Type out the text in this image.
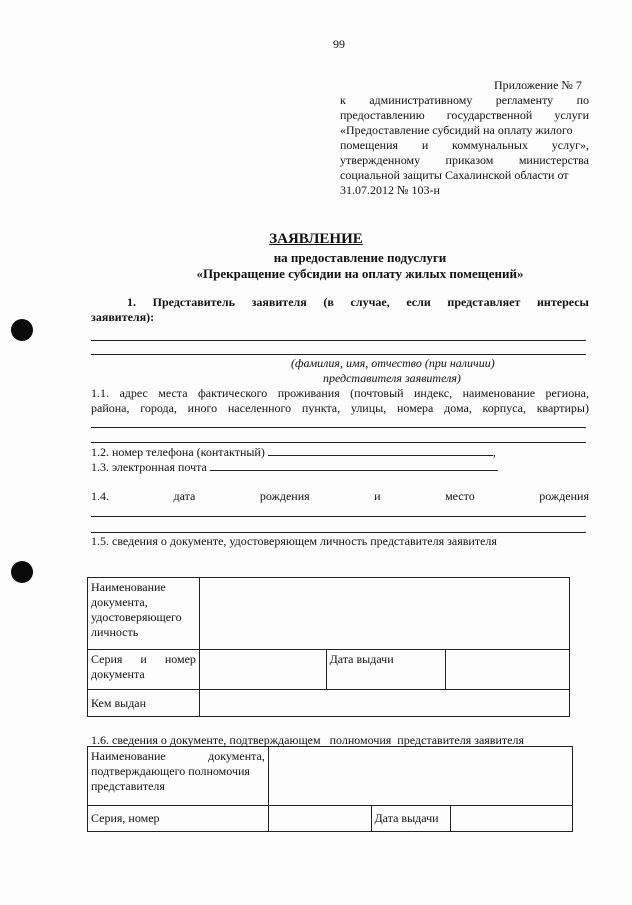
99
Приложение № 7
к административному регламенту по
предоставлению государственной услуги
«Предоставление субсидий на оплату жилого
помещения и коммунальных услуг»,
утвержденному приказом министерства
социальной защиты Сахалинской области от
31.07.2012 № 103-н
ЗАЯВЛЕНИЕ
на предоставление подуслуги
«Прекращение субсидии на оплату жилых помещений»
1. Представитель заявителя (в случае, если представляет интересы
заявителя):
(фамилия, имя, отчество (при наличии)
представителя заявителя)
1.1. адрес места фактического проживания (почтовый индекс, наименование региона,
района, города, иного населенного пункта, улицы, номера дома, корпуса, квартиры)
1.2. номер телефона (контактный)	,
1.3. электронная почта
1.4.	дата	рождения	и	место	рождения
1.5. сведения о документе, удостоверяющем личность представителя заявителя
Наименование
документа,
удостоверяющего
личность			

Серия и номер
документа		Дата выдачи	
Кем выдан			
1.6. сведения о документе, подтверждающем   полномочия  представителя заявителя
Наименование документа,
подтверждающего полномочия
представителя			

Серия, номер		Дата выдачи	
